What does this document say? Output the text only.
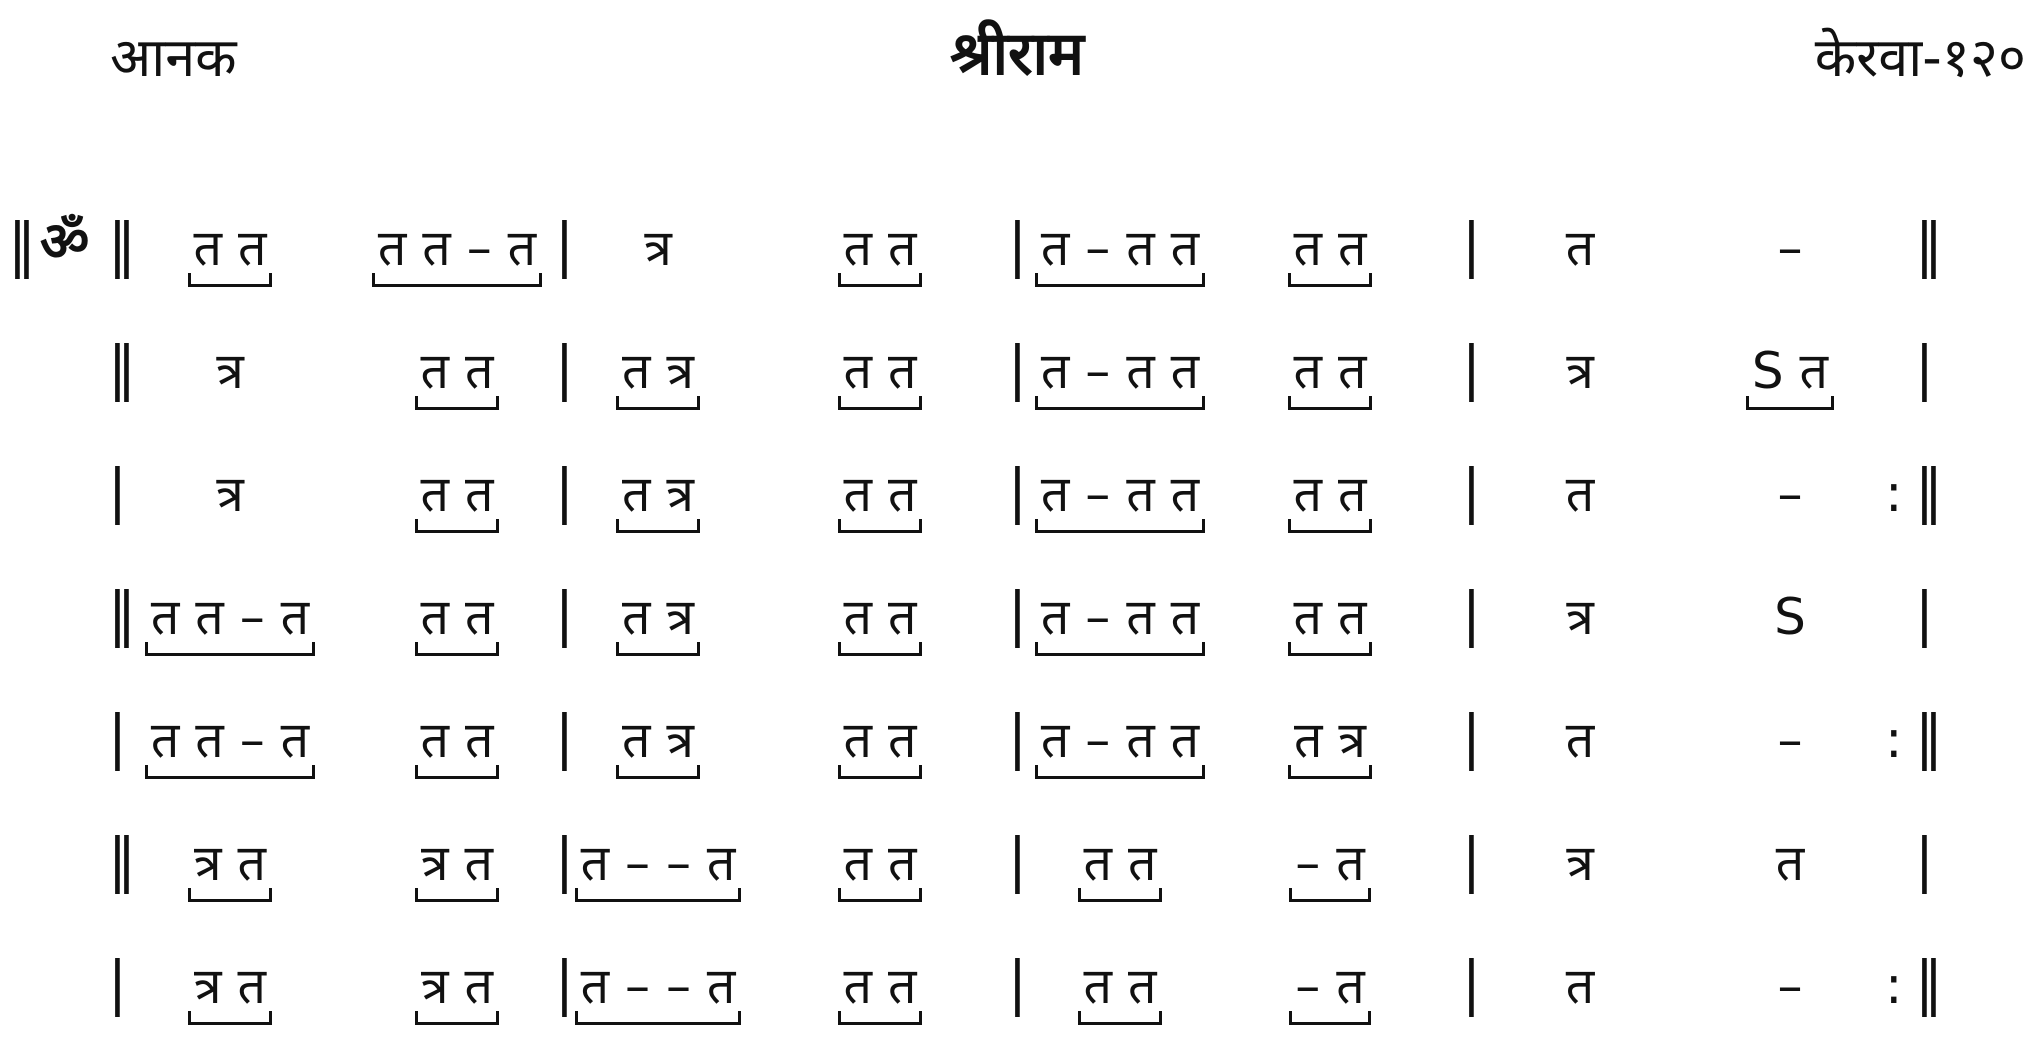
आनक	श्रीराम	केरवा-१२०
‖ ॐ ‖	त त	त त – त |	त्र	त त	| त – त त	त त	|	त	–	‖
‖	त्र	त त	| त त्र	त त	| त – त त	त त	|	त्र	S त	|
|	त्र	त त	| त त्र	त त	| त – त त	त त	|	त	–	: ‖
‖ त त – त	त त	| त त्र	त त	| त – त त	त त	|	त्र	S	|
| त त – त	त त	| त त्र	त त	| त – त त	त त्र	|	त	–	: ‖
‖	त्र त	त्र त	| त – – त	त त	|	त त	– त	|	त्र	त	|
|	त्र त	त्र त	| त – – त	त त	|	त त	– त	|	त	–	: ‖
